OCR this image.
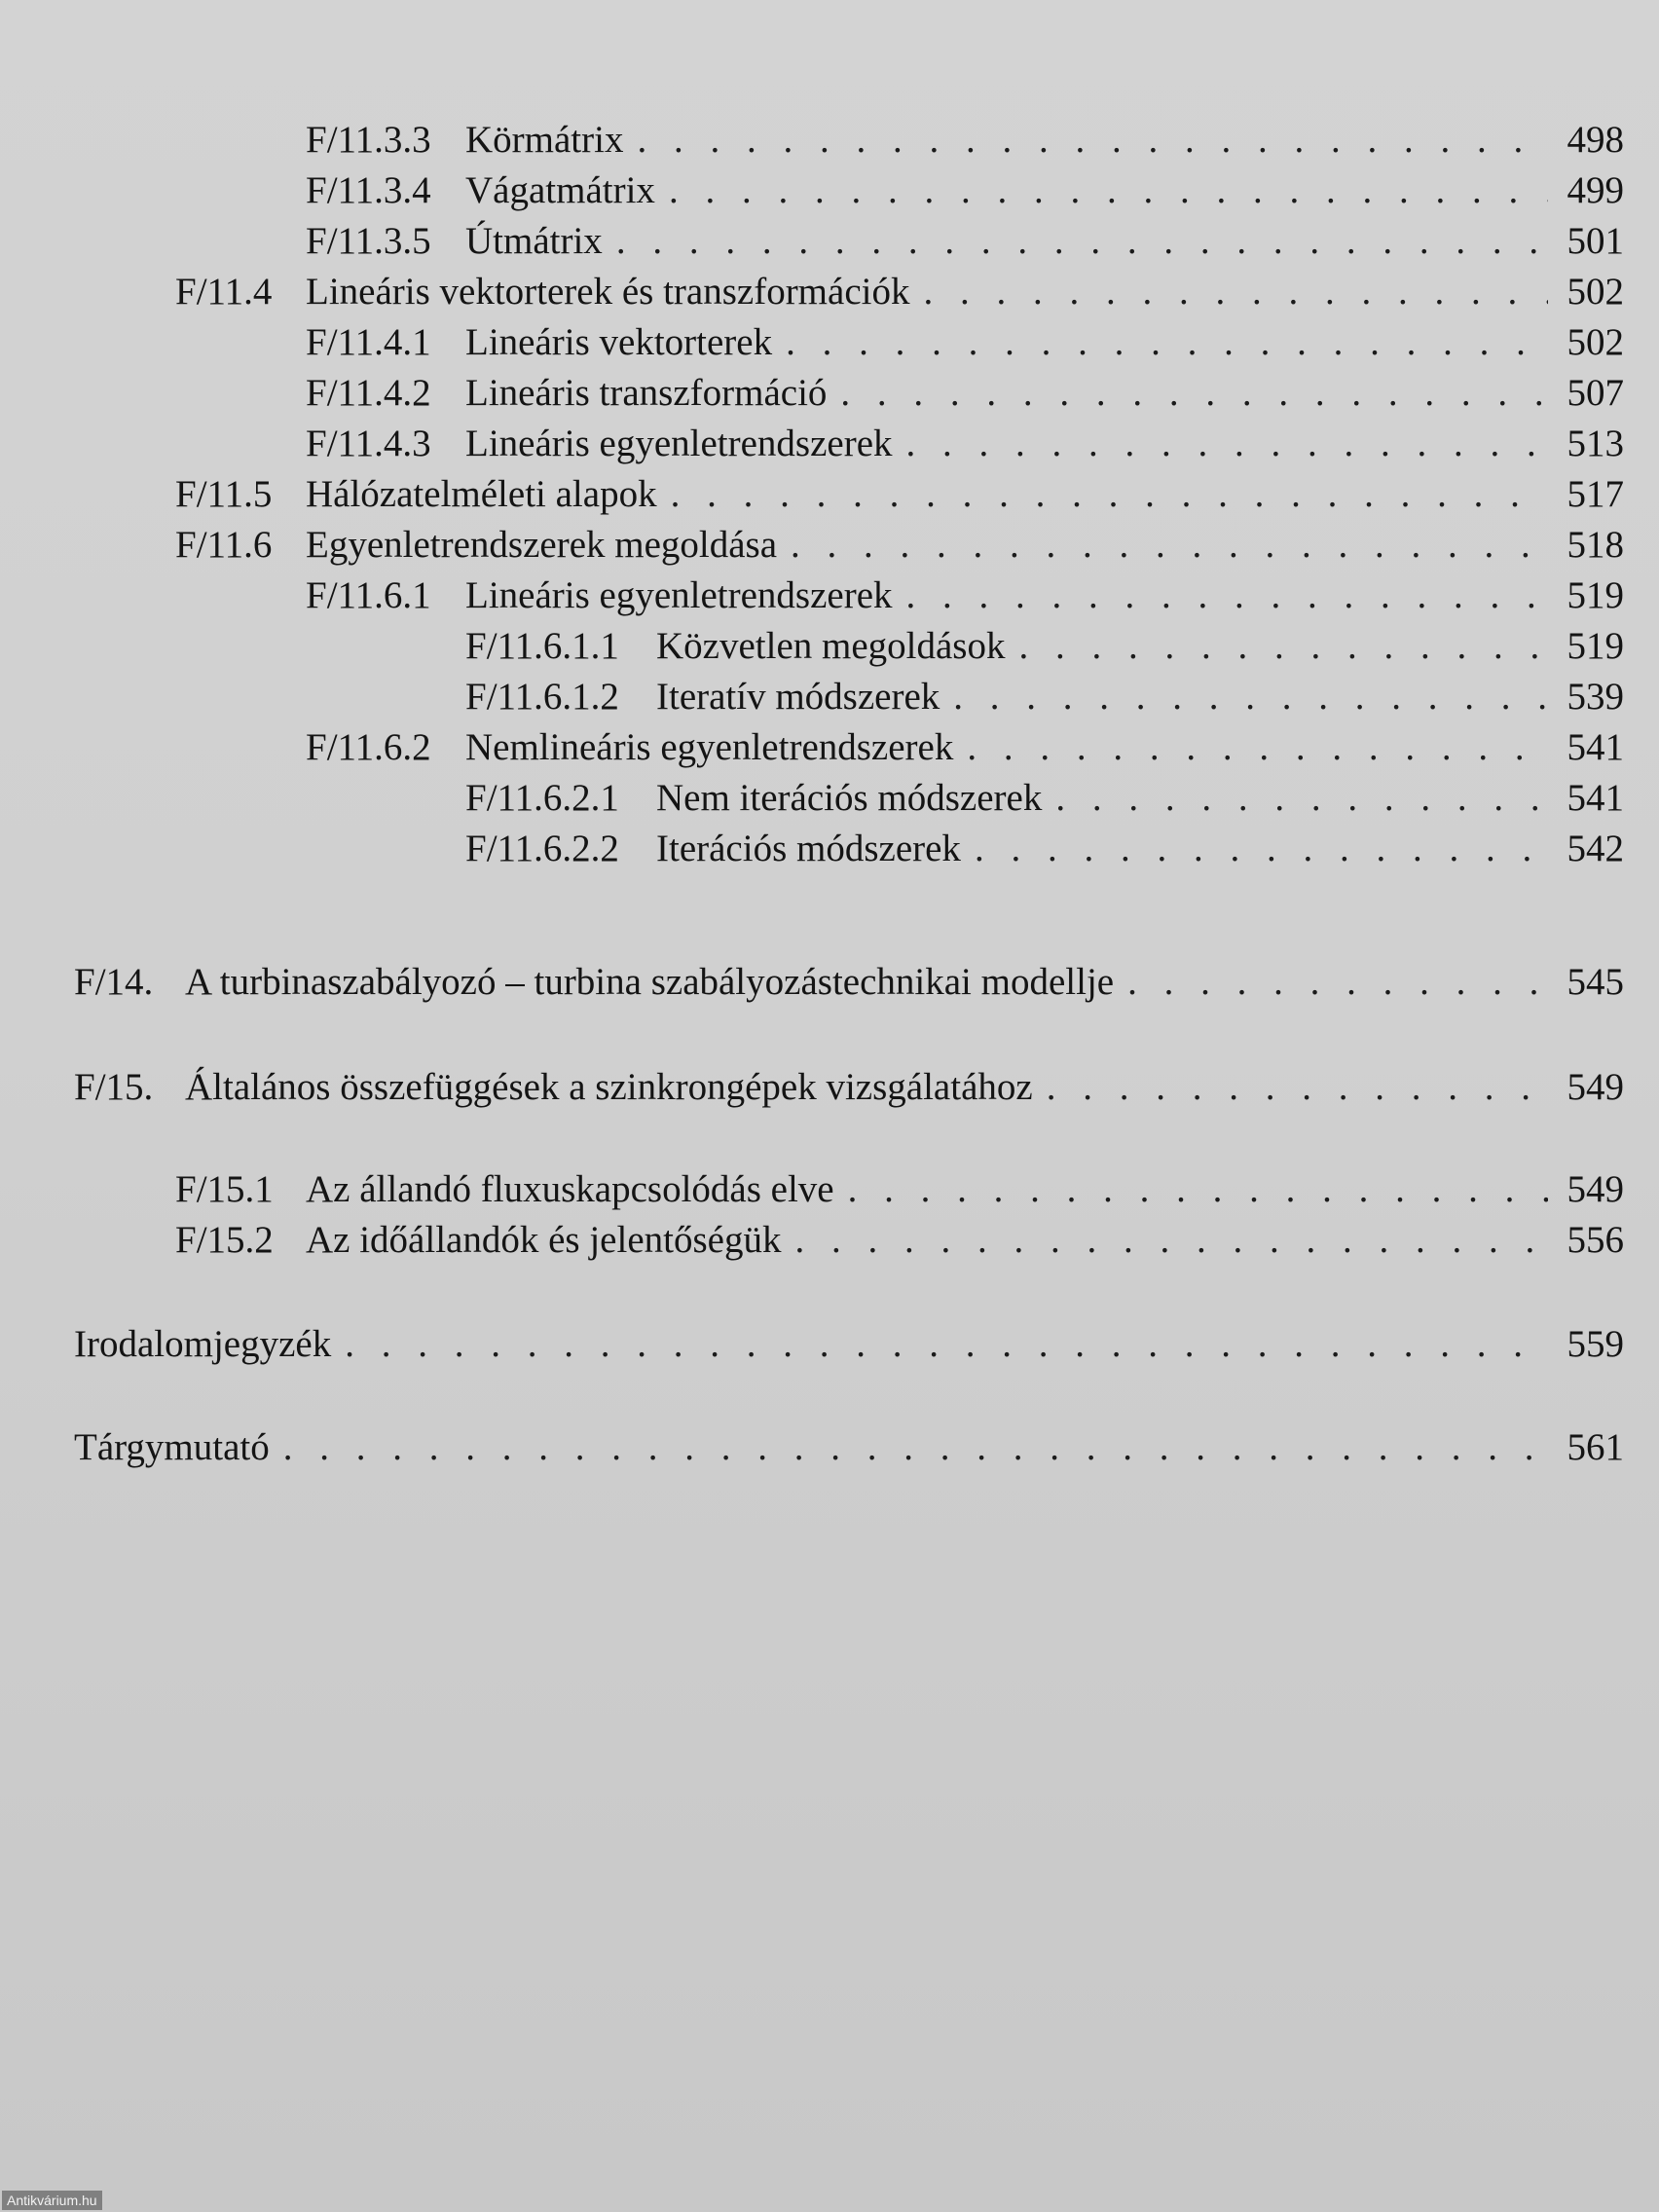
F/11.3.3 Körmátrix . . .	498
F/11.3.4 Vágatmátrix . . .	499
F/11.3.5 Útmátrix . . .	501
F/11.4 Lineáris vektorterek és transzformációk . . .	502
F/11.4.1 Lineáris vektorterek . . .	502
F/11.4.2 Lineáris transzformáció . . .	507
F/11.4.3 Lineáris egyenletrendszerek . . .	513
F/11.5 Hálózatelméleti alapok . . .	517
F/11.6 Egyenletrendszerek megoldása . . .	518
F/11.6.1 Lineáris egyenletrendszerek . . .	519
F/11.6.1.1 Közvetlen megoldások . . .	519
F/11.6.1.2 Iteratív módszerek . . .	539
F/11.6.2 Nemlineáris egyenletrendszerek . . .	541
F/11.6.2.1 Nem iterációs módszerek . . .	541
F/11.6.2.2 Iterációs módszerek . . .	542
F/14. A turbinaszabályozó – turbina szabályozástechnikai modellje . . .	545
F/15. Általános összefüggések a szinkrongépek vizsgálatához . . .	549
F/15.1 Az állandó fluxuskapcsolódás elve . . .	549
F/15.2 Az időállandók és jelentőségük . . .	556
Irodalomjegyzék . . .	559
Tárgymutató . . .	561
Antikvárium.hu
